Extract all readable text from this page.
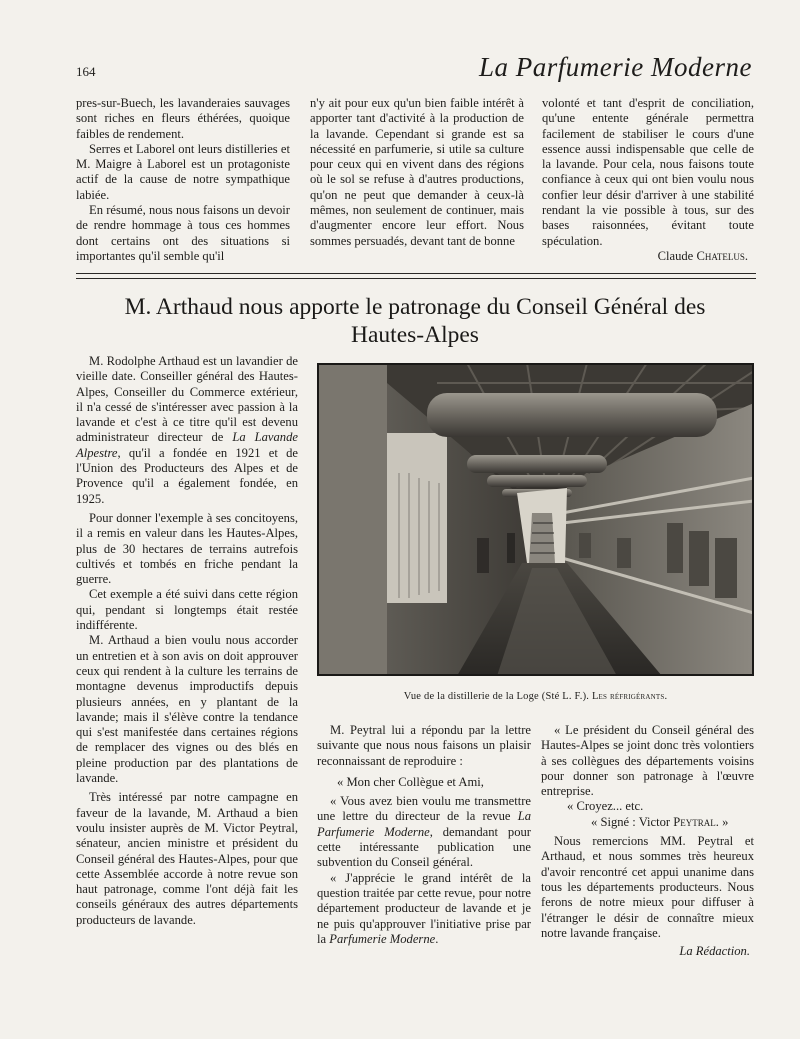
164	La Parfumerie Moderne

pres-sur-Buech, les lavanderaies sauvages sont riches en fleurs éthérées, quoique faibles de rendement.

Serres et Laborel ont leurs distilleries et M. Maigre à Laborel est un protagoniste actif de la cause de notre sympathique labiée.

En résumé, nous nous faisons un devoir de rendre hommage à tous ces hommes dont certains ont des situations si importantes qu'il semble qu'il

n'y ait pour eux qu'un bien faible intérêt à apporter tant d'activité à la production de la lavande. Cependant si grande est sa nécessité en parfumerie, si utile sa culture pour ceux qui en vivent dans des régions où le sol se refuse à d'autres productions, qu'on ne peut que demander à ceux-là mêmes, non seulement de continuer, mais d'augmenter encore leur effort. Nous sommes persuadés, devant tant de bonne

volonté et tant d'esprit de conciliation, qu'une entente générale permettra facilement de stabiliser le cours d'une essence aussi indispensable que celle de la lavande. Pour cela, nous faisons toute confiance à ceux qui ont bien voulu nous confier leur désir d'arriver à une stabilité rendant la vie possible à tous, sur des bases raisonnées, évitant toute spéculation.

Claude Chatelus.

M. Arthaud nous apporte le patronage du Conseil Général des Hautes-Alpes

M. Rodolphe Arthaud est un lavandier de vieille date. Conseiller général des Hautes-Alpes, Conseiller du Commerce extérieur, il n'a cessé de s'intéresser avec passion à la lavande et c'est à ce titre qu'il est devenu administrateur directeur de La Lavande Alpestre, qu'il a fondée en 1921 et de l'Union des Producteurs des Alpes et de Provence qu'il a également fondée, en 1925.

Pour donner l'exemple à ses concitoyens, il a remis en valeur dans les Hautes-Alpes, plus de 30 hectares de terrains autrefois cultivés et tombés en friche pendant la guerre.

Cet exemple a été suivi dans cette région qui, pendant si longtemps était restée indifférente.

M. Arthaud a bien voulu nous accorder un entretien et à son avis on doit approuver ceux qui rendent à la culture les terrains de montagne devenus improductifs depuis plusieurs années, en y plantant de la lavande; mais il s'élève contre la tendance qui s'est manifestée dans certaines régions de remplacer des vignes ou des blés en pleine production par des plantations de lavande.

Très intéressé par notre campagne en faveur de la lavande, M. Arthaud a bien voulu insister auprès de M. Victor Peytral, sénateur, ancien ministre et président du Conseil général des Hautes-Alpes, pour que cette Assemblée accorde à notre revue son haut patronage, comme l'ont déjà fait les conseils généraux des autres départements producteurs de lavande.

Vue de la distillerie de la Loge (Sté L. F.). Les réfrigérants.

M. Peytral lui a répondu par la lettre suivante que nous nous faisons un plaisir reconnaissant de reproduire :

« Mon cher Collègue et Ami,

« Vous avez bien voulu me transmettre une lettre du directeur de la revue La Parfumerie Moderne, demandant pour cette intéressante publication une subvention du Conseil général.

« J'apprécie le grand intérêt de la question traitée par cette revue, pour notre département producteur de lavande et je ne puis qu'approuver l'initiative prise par la Parfumerie Moderne.

« Le président du Conseil général des Hautes-Alpes se joint donc très volontiers à ses collègues des départements voisins pour donner son patronage à l'œuvre entreprise.

« Croyez... etc.

« Signé : Victor Peytral. »

Nous remercions MM. Peytral et Arthaud, et nous sommes très heureux d'avoir rencontré cet appui unanime dans tous les départements producteurs. Nous ferons de notre mieux pour diffuser à l'étranger le désir de connaître mieux notre lavande française.

La Rédaction.
